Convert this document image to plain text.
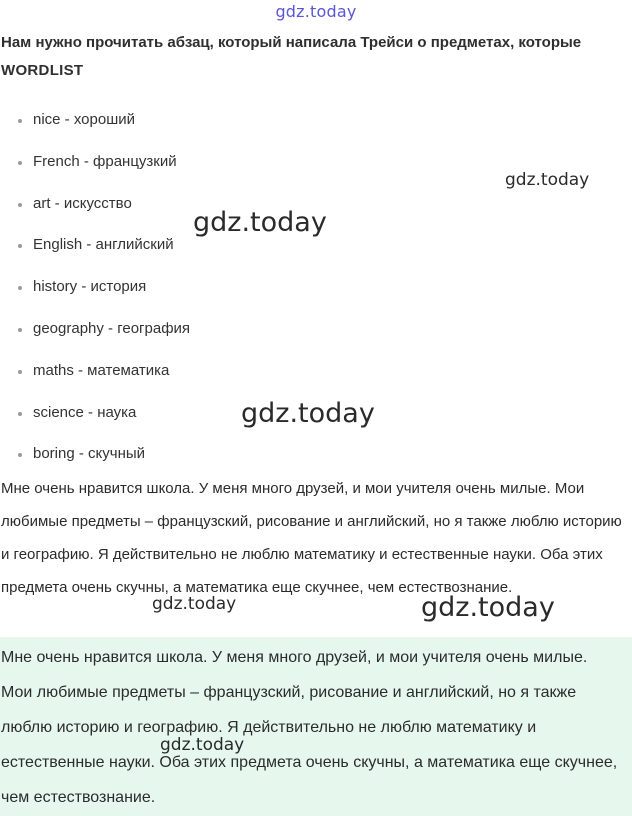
gdz.today
Нам нужно прочитать абзац, который написала Трейси о предметах, которые
WORDLIST
nice - хороший
French - французкий
art - искусство
English - английский
history - история
geography - география
maths - математика
science - наука
boring - скучный

Мне очень нравится школа. У меня много друзей, и мои учителя очень милые. Мои любимые предметы – французский, рисование и английский, но я также люблю историю и географию. Я действительно не люблю математику и естественные науки. Оба этих предмета очень скучны, а математика еще скучнее, чем естествознание.

Мне очень нравится школа. У меня много друзей, и мои учителя очень милые. Мои любимые предметы – французский, рисование и английский, но я также люблю историю и географию. Я действительно не люблю математику и естественные науки. Оба этих предмета очень скучны, а математика еще скучнее, чем естествознание.

gdz.today
gdz.today
gdz.today
gdz.today	gdz.today
gdz.today
